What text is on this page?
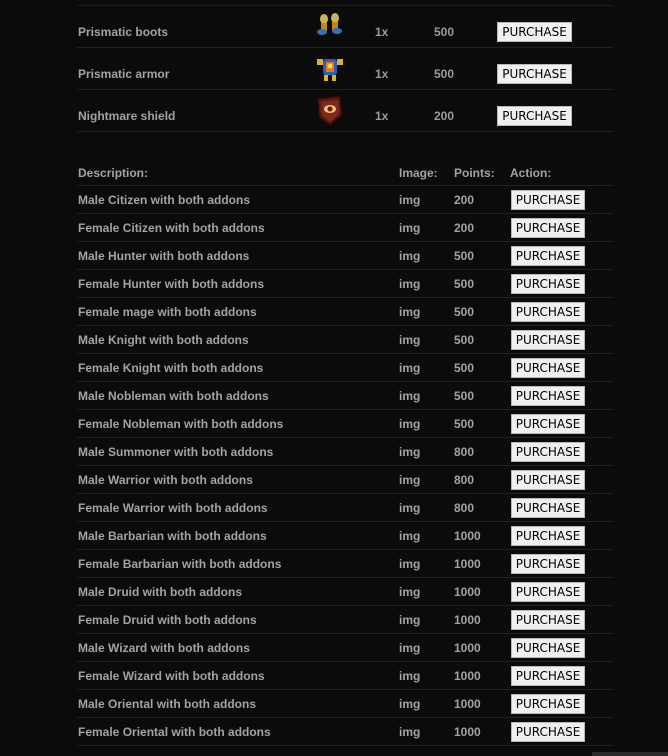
Prismatic boots	1x	500	PURCHASE
Prismatic armor	1x	500	PURCHASE
Nightmare shield	1x	200	PURCHASE
Description:	Image: Points: Action:
Male Citizen with both addons	img	200	PURCHASE
Female Citizen with both addons	img	200	PURCHASE
Male Hunter with both addons	img	500	PURCHASE
Female Hunter with both addons	img	500	PURCHASE
Female mage with both addons	img	500	PURCHASE
Male Knight with both addons	img	500	PURCHASE
Female Knight with both addons	img	500	PURCHASE
Male Nobleman with both addons	img	500	PURCHASE
Female Nobleman with both addons	img	500	PURCHASE
Male Summoner with both addons	img	800	PURCHASE
Male Warrior with both addons	img	800	PURCHASE
Female Warrior with both addons	img	800	PURCHASE
Male Barbarian with both addons	img	1000	PURCHASE
Female Barbarian with both addons	img	1000	PURCHASE
Male Druid with both addons	img	1000	PURCHASE
Female Druid with both addons	img	1000	PURCHASE
Male Wizard with both addons	img	1000	PURCHASE
Female Wizard with both addons	img	1000	PURCHASE
Male Oriental with both addons	img	1000	PURCHASE
Female Oriental with both addons	img	1000	PURCHASE
